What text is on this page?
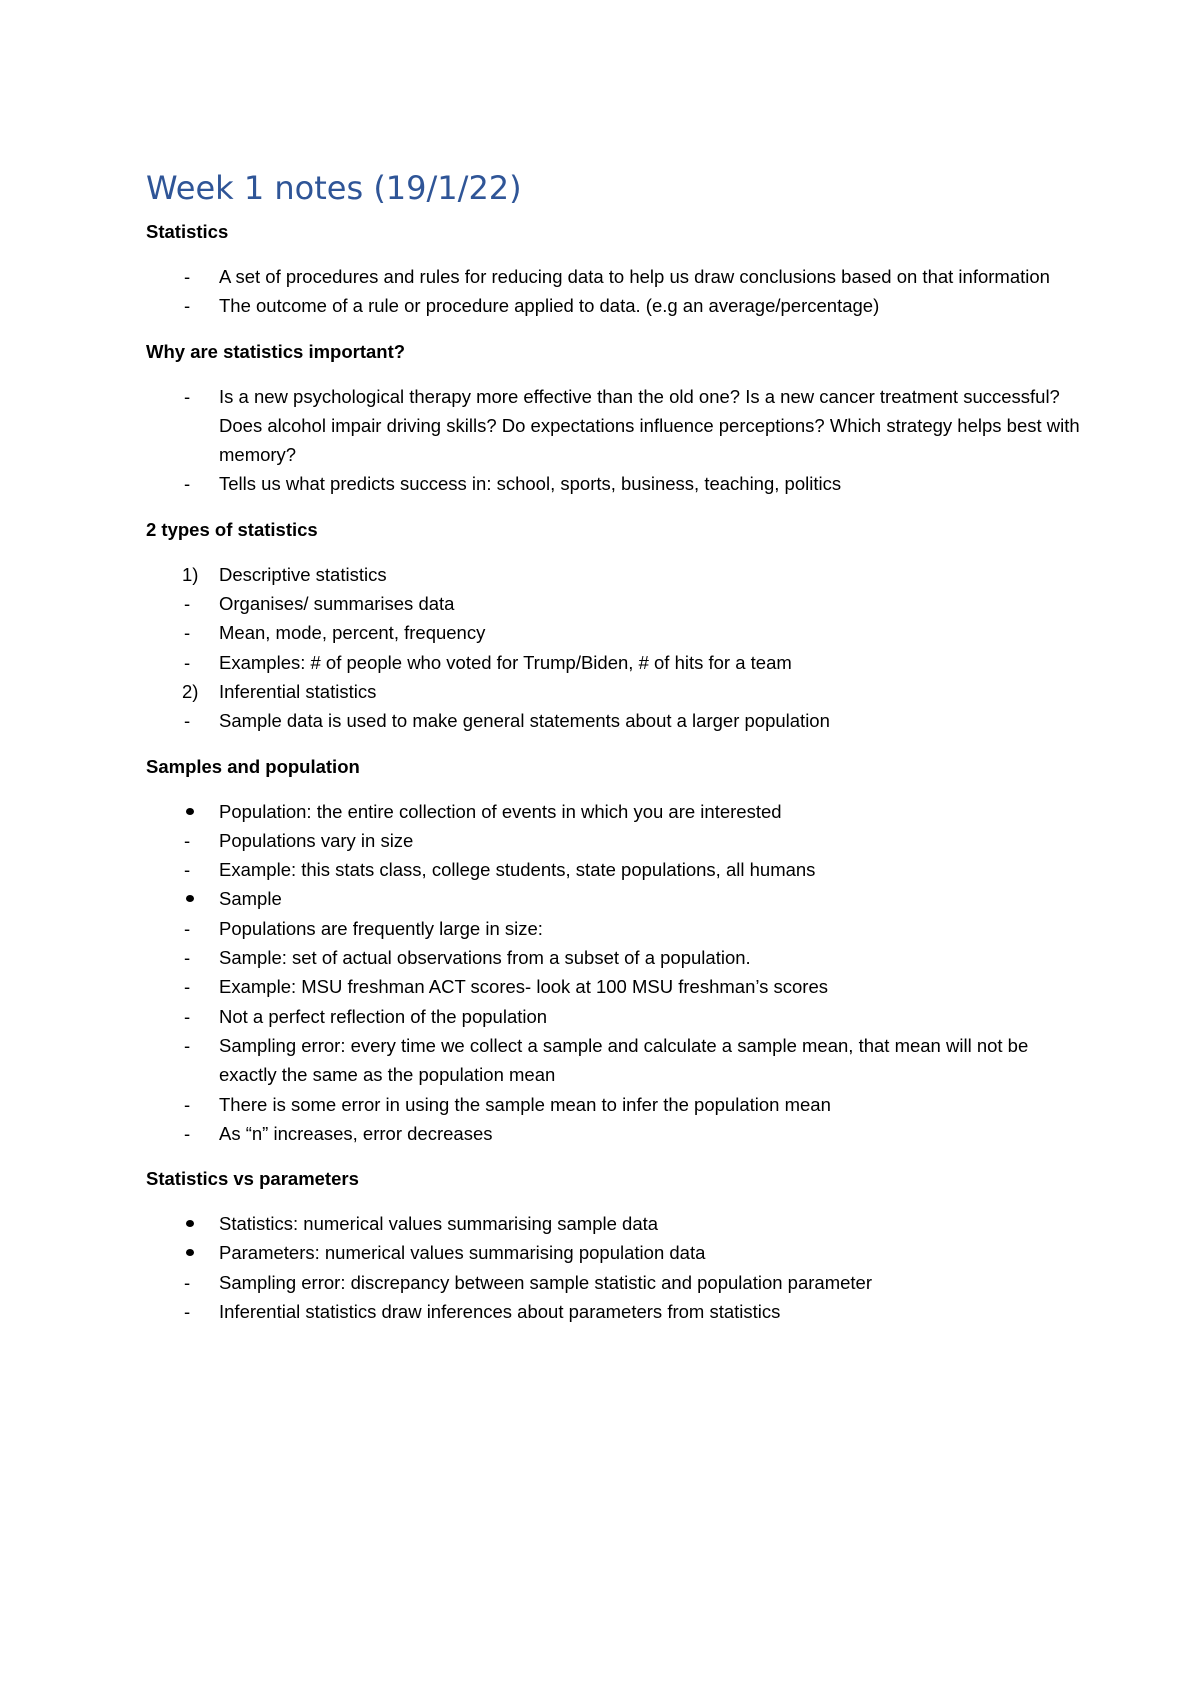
Week 1 notes (19/1/22)
Statistics
-
A set of procedures and rules for reducing data to help us draw conclusions based on that information
-
The outcome of a rule or procedure applied to data. (e.g an average/percentage)
Why are statistics important?
-
Is a new psychological therapy more effective than the old one? Is a new cancer treatment successful? Does alcohol impair driving skills? Do expectations influence perceptions? Which strategy helps best with memory?
-
Tells us what predicts success in: school, sports, business, teaching, politics
2 types of statistics
1)	Descriptive statistics
-
Organises/ summarises data
-
Mean, mode, percent, frequency
-
Examples: # of people who voted for Trump/Biden, # of hits for a team
2)	Inferential statistics
-
Sample data is used to make general statements about a larger population
Samples and population
Population: the entire collection of events in which you are interested
-
Populations vary in size
-
Example: this stats class, college students, state populations, all humans
Sample
-
Populations are frequently large in size:
-
Sample: set of actual observations from a subset of a population.
-
Example: MSU freshman ACT scores- look at 100 MSU freshman’s scores
-
Not a perfect reflection of the population
-
Sampling error: every time we collect a sample and calculate a sample mean, that mean will not be exactly the same as the population mean
-
There is some error in using the sample mean to infer the population mean
-
As “n” increases, error decreases
Statistics vs parameters
Statistics: numerical values summarising sample data
Parameters: numerical values summarising population data
-
Sampling error: discrepancy between sample statistic and population parameter
-
Inferential statistics draw inferences about parameters from statistics
